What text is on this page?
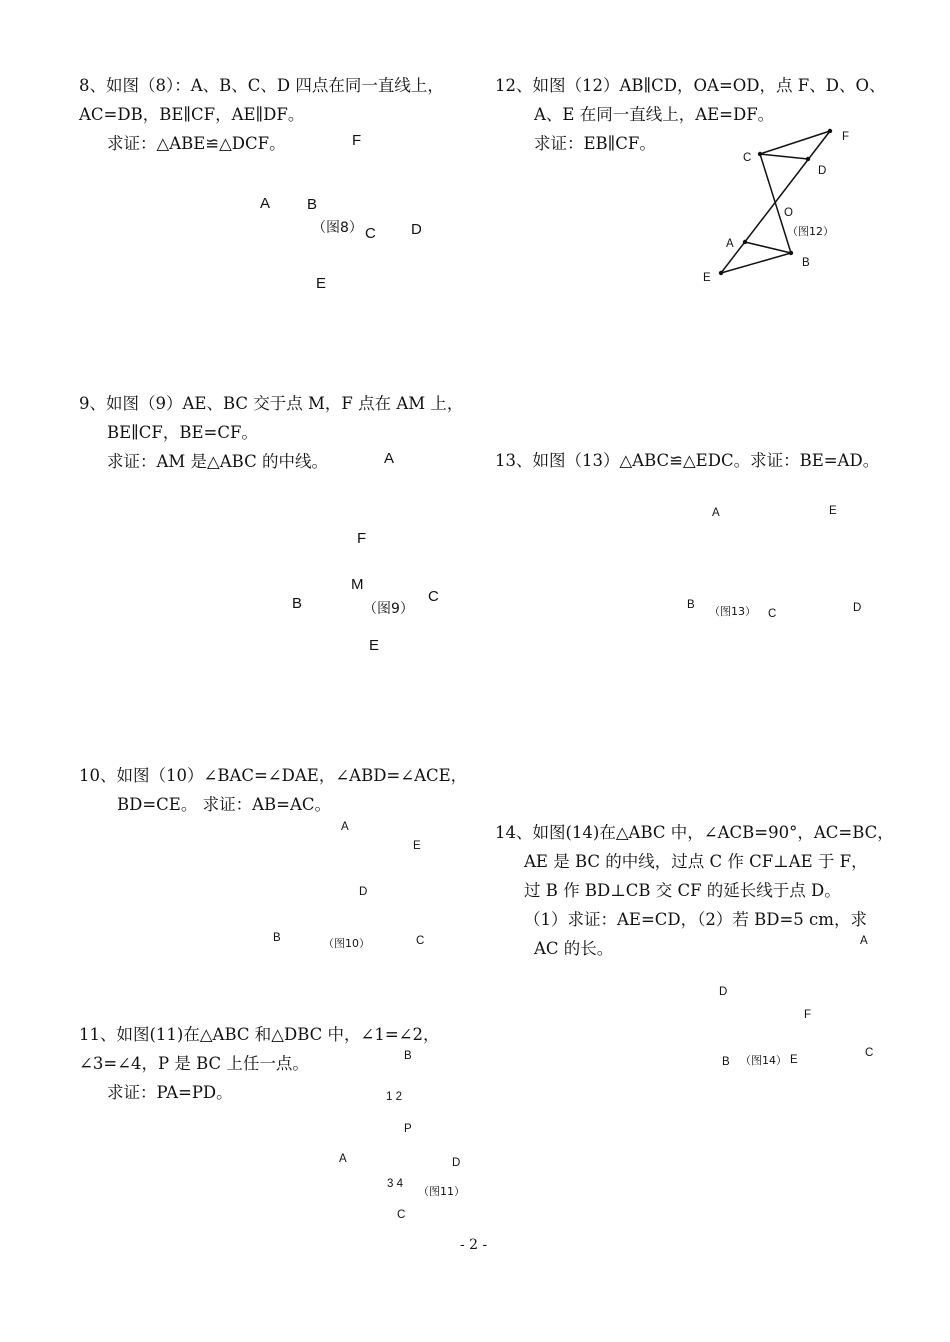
8、如图（8）：A、B、C、D 四点在同一直线上，
AC=DB，BE∥CF，AE∥DF。
求证：△ABE≌△DCF。	F
A B
（图8） C D
E
9、如图（9）AE、BC 交于点 M，F 点在 AM 上，
BE∥CF，BE=CF。
求证：AM 是△ABC 的中线。	A
F
M
B	（图9）
C
E
10、如图（10）∠BAC=∠DAE，∠ABD=∠ACE，
BD=CE。 求证：AB=AC。
A
E
D
B	（图10）	C
11、如图(11)在△ABC 和△DBC 中，∠1=∠2，
∠3=∠4，P 是 BC 上任一点。
求证：PA=PD。
B
1 2
P
A	D
3 4
（图11）
C
12、如图（12）AB∥CD，OA=OD，点 F、D、O、
A、E 在同一直线上，AE=DF。
求证：EB∥CF。	F
C
D
O
（图12）
A
B
E
13、如图（13）△ABC≌△EDC。求证：BE=AD。
A	E
B （图13） C	D
14、如图(14)在△ABC 中，∠ACB=90°，AC=BC，
AE 是 BC 的中线，过点 C 作 CF⊥AE 于 F，
过 B 作 BD⊥CB 交 CF 的延长线于点 D。
（1）求证：AE=CD，（2）若 BD=5 cm，求
AC 的长。	A
D
F
B （图14） E
C
- 2 -
